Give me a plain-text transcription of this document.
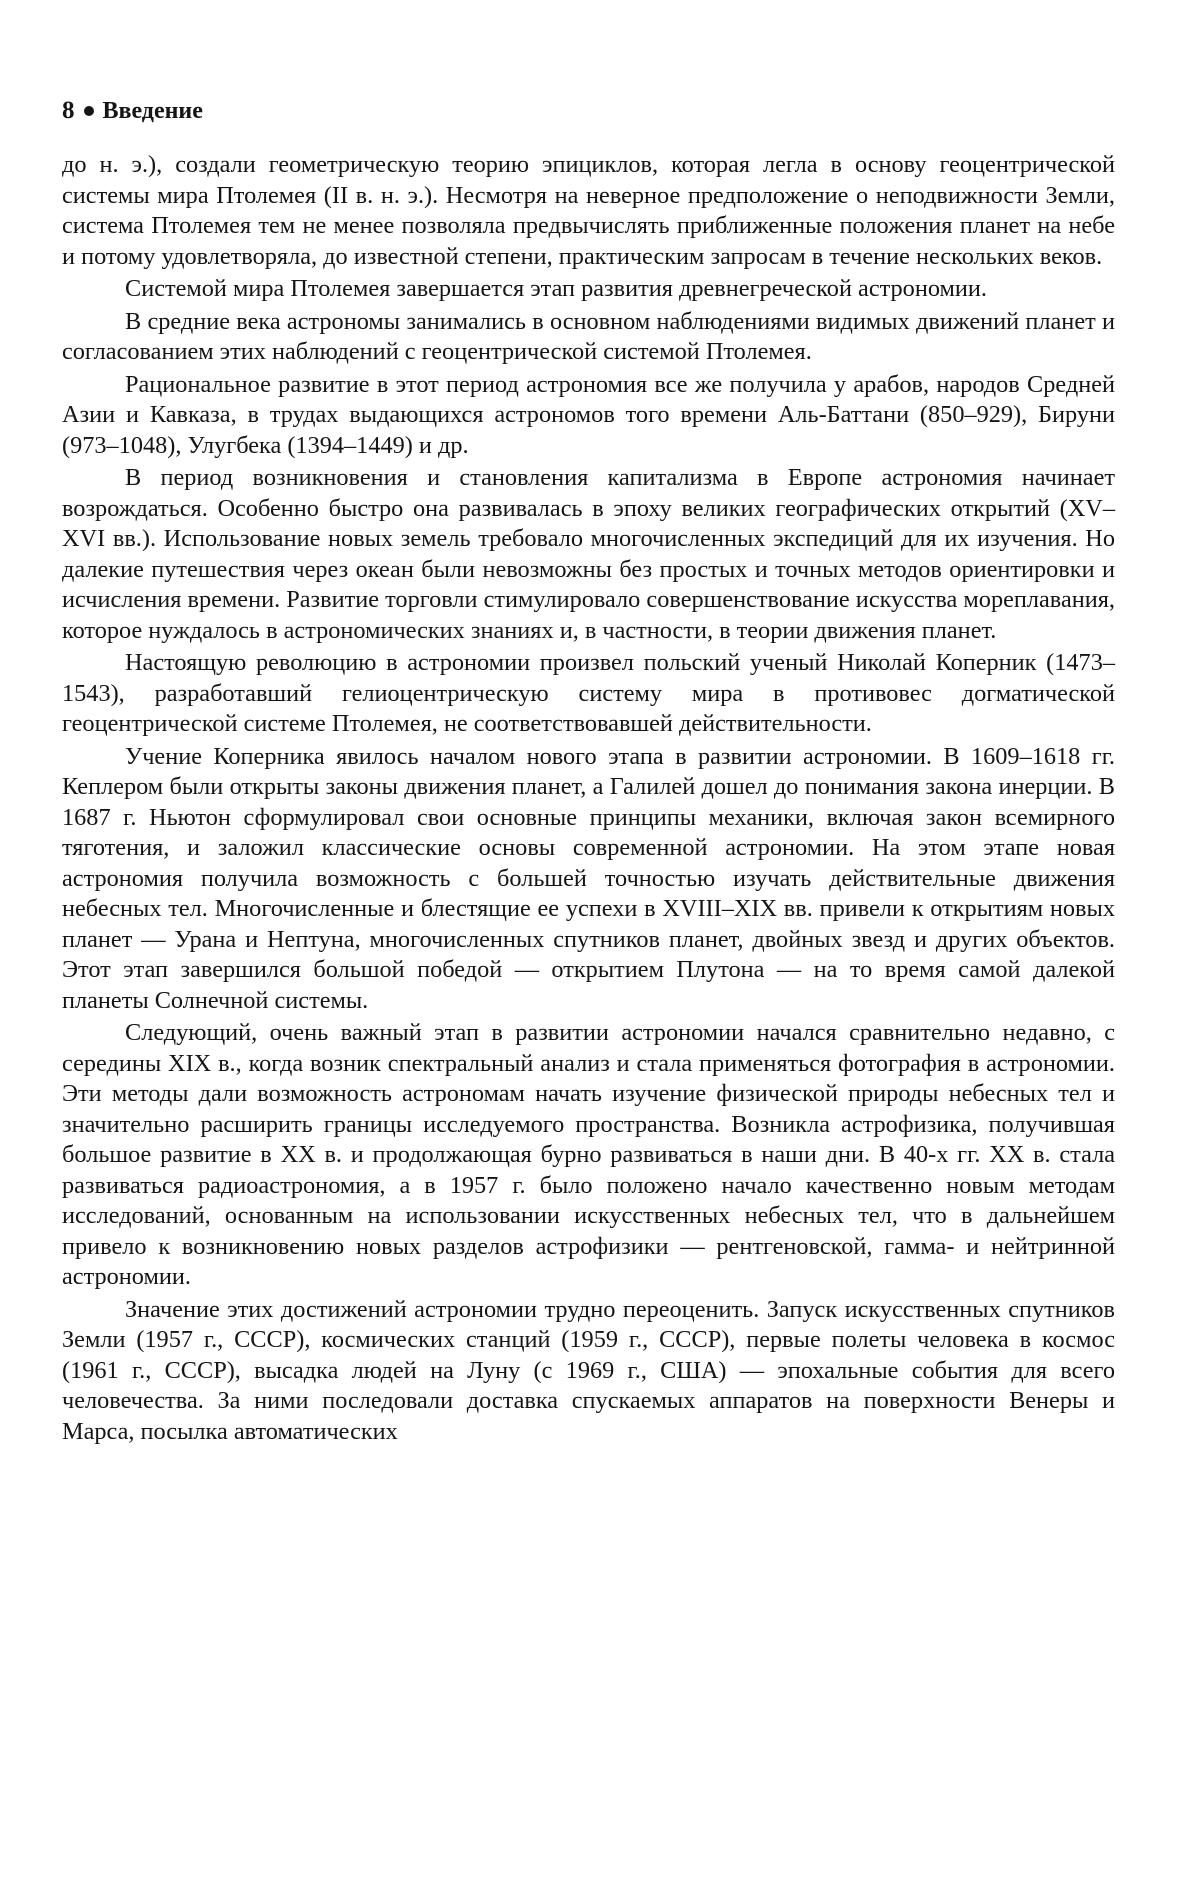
8 Введение

до н. э.), создали геометрическую теорию эпициклов, которая легла в основу геоцентрической системы мира Птолемея (II в. н. э.). Несмотря на неверное предположение о неподвижности Земли, система Птолемея тем не менее позволяла предвычислять приближенные положения планет на небе и потому удовлетворяла, до известной степени, практическим запросам в течение нескольких веков.

Системой мира Птолемея завершается этап развития древнегреческой астрономии.

В средние века астрономы занимались в основном наблюдениями видимых движений планет и согласованием этих наблюдений с геоцентрической системой Птолемея.

Рациональное развитие в этот период астрономия все же получила у арабов, народов Средней Азии и Кавказа, в трудах выдающихся астрономов того времени Аль-Баттани (850–929), Бируни (973–1048), Улугбека (1394–1449) и др.

В период возникновения и становления капитализма в Европе астрономия начинает возрождаться. Особенно быстро она развивалась в эпоху великих географических открытий (XV–XVI вв.). Использование новых земель требовало многочисленных экспедиций для их изучения. Но далекие путешествия через океан были невозможны без простых и точных методов ориентировки и исчисления времени. Развитие торговли стимулировало совершенствование искусства мореплавания, которое нуждалось в астрономических знаниях и, в частности, в теории движения планет.

Настоящую революцию в астрономии произвел польский ученый Николай Коперник (1473–1543), разработавший гелиоцентрическую систему мира в противовес догматической геоцентрической системе Птолемея, не соответствовавшей действительности.

Учение Коперника явилось началом нового этапа в развитии астрономии. В 1609–1618 гг. Кеплером были открыты законы движения планет, а Галилей дошел до понимания закона инерции. В 1687 г. Ньютон сформулировал свои основные принципы механики, включая закон всемирного тяготения, и заложил классические основы современной астрономии. На этом этапе новая астрономия получила возможность с большей точностью изучать действительные движения небесных тел. Многочисленные и блестящие ее успехи в XVIII–XIX вв. привели к открытиям новых планет — Урана и Нептуна, многочисленных спутников планет, двойных звезд и других объектов. Этот этап завершился большой победой — открытием Плутона — на то время самой далекой планеты Солнечной системы.

Следующий, очень важный этап в развитии астрономии начался сравнительно недавно, с середины XIX в., когда возник спектральный анализ и стала применяться фотография в астрономии. Эти методы дали возможность астрономам начать изучение физической природы небесных тел и значительно расширить границы исследуемого пространства. Возникла астрофизика, получившая большое развитие в XX в. и продолжающая бурно развиваться в наши дни. В 40-х гг. XX в. стала развиваться радиоастрономия, а в 1957 г. было положено начало качественно новым методам исследований, основанным на использовании искусственных небесных тел, что в дальнейшем привело к возникновению новых разделов астрофизики — рентгеновской, гамма- и нейтринной астрономии.

Значение этих достижений астрономии трудно переоценить. Запуск искусственных спутников Земли (1957 г., СССР), космических станций (1959 г., СССР), первые полеты человека в космос (1961 г., СССР), высадка людей на Луну (с 1969 г., США) — эпохальные события для всего человечества. За ними последовали доставка спускаемых аппаратов на поверхности Венеры и Марса, посылка автоматических
